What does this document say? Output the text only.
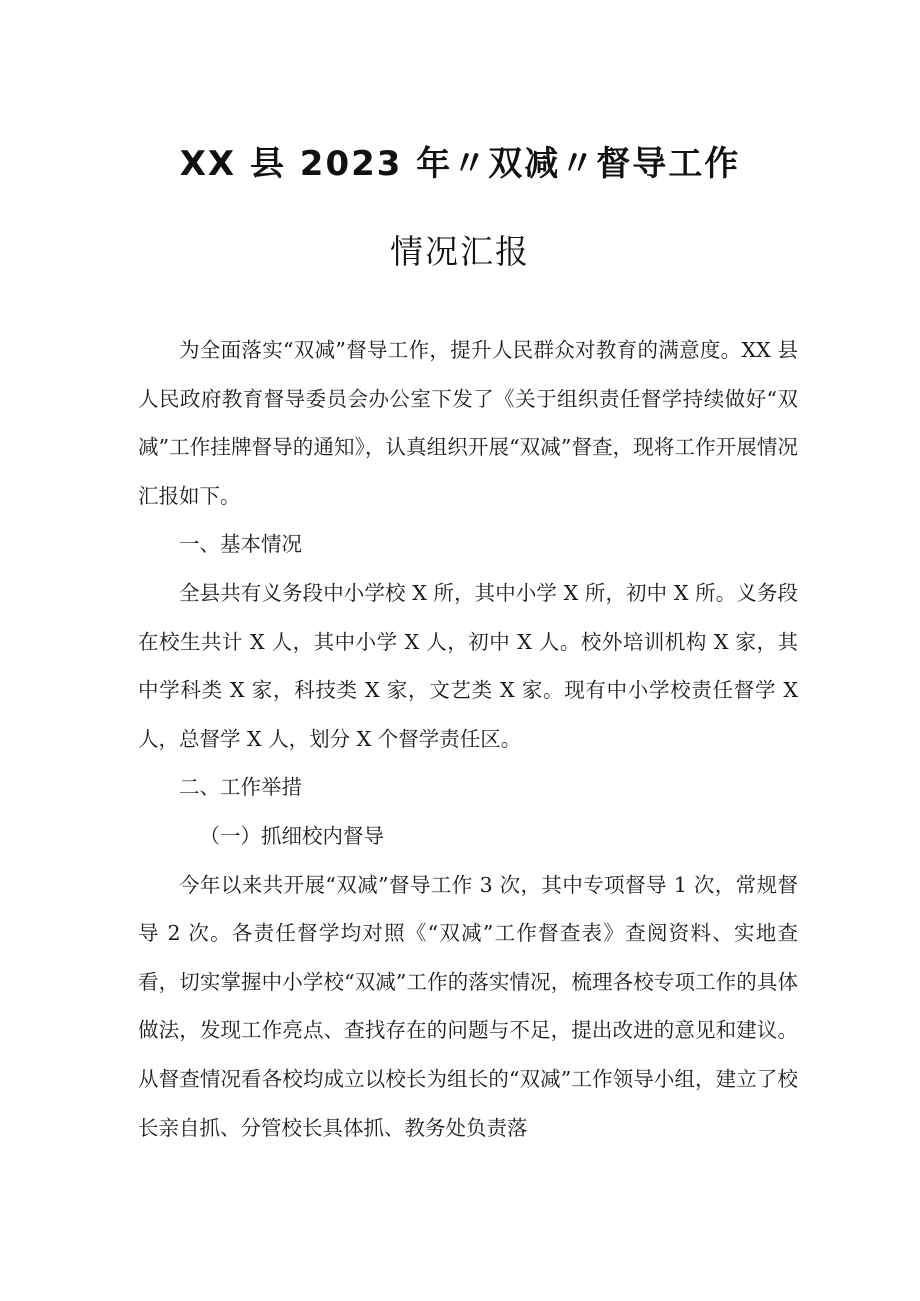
XX 县 2023 年〃双减〃督导工作
情况汇报

为全面落实“双减”督导工作，提升人民群众对教育的满意度。XX 县人民政府教育督导委员会办公室下发了《关于组织责任督学持续做好“双减”工作挂牌督导的通知》，认真组织开展“双减”督查，现将工作开展情况汇报如下。

一、基本情况

全县共有义务段中小学校 X 所，其中小学 X 所，初中 X 所。义务段在校生共计 X 人，其中小学 X 人，初中 X 人。校外培训机构 X 家，其中学科类 X 家，科技类 X 家，文艺类 X 家。现有中小学校责任督学 X 人，总督学 X 人，划分 X 个督学责任区。

二、工作举措

（一）抓细校内督导

今年以来共开展“双减”督导工作 3 次，其中专项督导 1 次，常规督导 2 次。各责任督学均对照《“双减”工作督查表》查阅资料、实地查看，切实掌握中小学校“双减”工作的落实情况，梳理各校专项工作的具体做法，发现工作亮点、查找存在的问题与不足，提出改进的意见和建议。从督查情况看各校均成立以校长为组长的“双减”工作领导小组，建立了校长亲自抓、分管校长具体抓、教务处负责落
